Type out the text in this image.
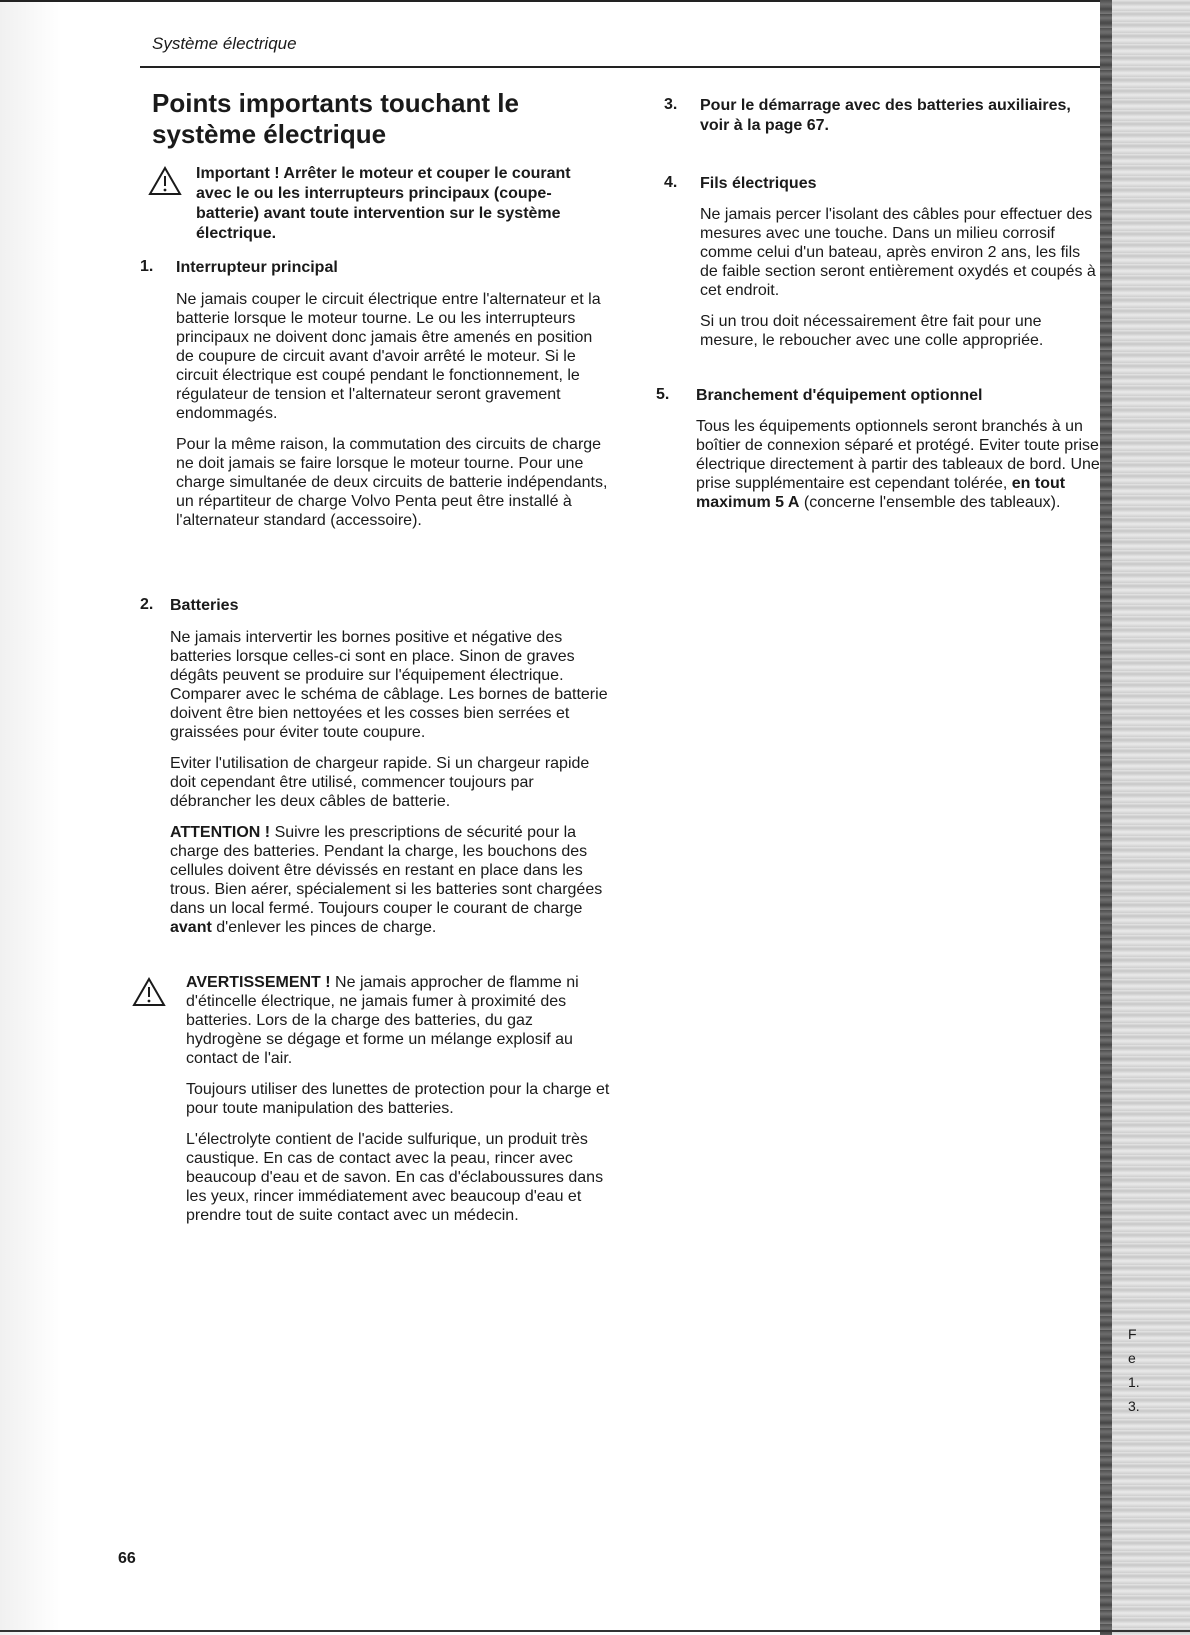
Système électrique
Points importants touchant le système électrique
Important ! Arrêter le moteur et couper le courant avec le ou les interrupteurs principaux (coupe-batterie) avant toute intervention sur le système électrique.
1. Interrupteur principal

Ne jamais couper le circuit électrique entre l'alternateur et la batterie lorsque le moteur tourne. Le ou les interrupteurs principaux ne doivent donc jamais être amenés en position de coupure de circuit avant d'avoir arrêté le moteur. Si le circuit électrique est coupé pendant le fonctionnement, le régulateur de tension et l'alternateur seront gravement endommagés.

Pour la même raison, la commutation des circuits de charge ne doit jamais se faire lorsque le moteur tourne. Pour une charge simultanée de deux circuits de batterie indépendants, un répartiteur de charge Volvo Penta peut être installé à l'alternateur standard (accessoire).

2. Batteries

Ne jamais intervertir les bornes positive et négative des batteries lorsque celles-ci sont en place. Sinon de graves dégâts peuvent se produire sur l'équipement électrique. Comparer avec le schéma de câblage. Les bornes de batterie doivent être bien nettoyées et les cosses bien serrées et graissées pour éviter toute coupure.

Eviter l'utilisation de chargeur rapide. Si un chargeur rapide doit cependant être utilisé, commencer toujours par débrancher les deux câbles de batterie.

ATTENTION ! Suivre les prescriptions de sécurité pour la charge des batteries. Pendant la charge, les bouchons des cellules doivent être dévissés en restant en place dans les trous. Bien aérer, spécialement si les batteries sont chargées dans un local fermé. Toujours couper le courant de charge avant d'enlever les pinces de charge.

AVERTISSEMENT ! Ne jamais approcher de flamme ni d'étincelle électrique, ne jamais fumer à proximité des batteries. Lors de la charge des batteries, du gaz hydrogène se dégage et forme un mélange explosif au contact de l'air.

Toujours utiliser des lunettes de protection pour la charge et pour toute manipulation des batteries.

L'électrolyte contient de l'acide sulfurique, un produit très caustique. En cas de contact avec la peau, rincer avec beaucoup d'eau et de savon. En cas d'éclaboussures dans les yeux, rincer immédiatement avec beaucoup d'eau et prendre tout de suite contact avec un médecin.

3. Pour le démarrage avec des batteries auxiliaires, voir à la page 67.
4. Fils électriques

Ne jamais percer l'isolant des câbles pour effectuer des mesures avec une touche. Dans un milieu corrosif comme celui d'un bateau, après environ 2 ans, les fils de faible section seront entièrement oxydés et coupés à cet endroit.

Si un trou doit nécessairement être fait pour une mesure, le reboucher avec une colle appropriée.

5. Branchement d'équipement optionnel

Tous les équipements optionnels seront branchés à un boîtier de connexion séparé et protégé. Eviter toute prise électrique directement à partir des tableaux de bord. Une prise supplémentaire est cependant tolérée, en tout maximum 5 A (concerne l'ensemble des tableaux).

F
e
1.
3.
66
